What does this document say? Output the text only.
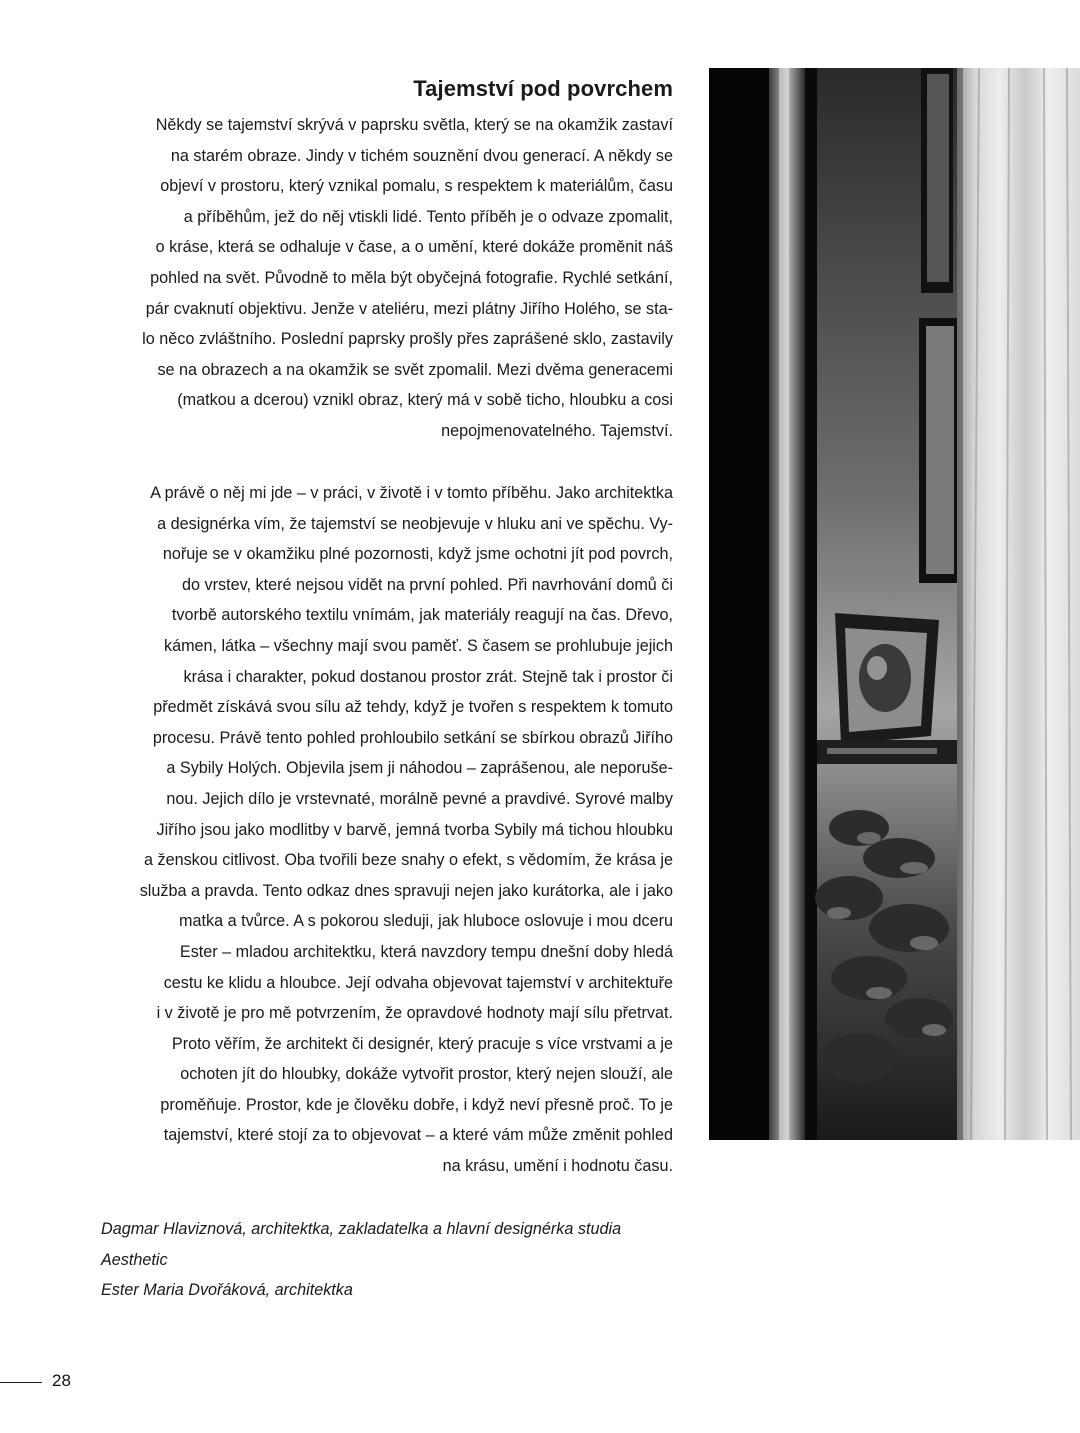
Tajemství pod povrchem
Někdy se tajemství skrývá v paprsku světla, který se na okamžik zastaví
na starém obraze. Jindy v tichém souznění dvou generací. A někdy se
objeví v prostoru, který vznikal pomalu, s respektem k materiálům, času
a příběhům, jež do něj vtiskli lidé. Tento příběh je o odvaze zpomalit,
o kráse, která se odhaluje v čase, a o umění, které dokáže proměnit náš
pohled na svět. Původně to měla být obyčejná fotografie. Rychlé setkání,
pár cvaknutí objektivu. Jenže v ateliéru, mezi plátny Jiřího Holého, se sta-
lo něco zvláštního. Poslední paprsky prošly přes zaprášené sklo, zastavily
se na obrazech a na okamžik se svět zpomalil. Mezi dvěma generacemi
(matkou a dcerou) vznikl obraz, který má v sobě ticho, hloubku a cosi
nepojmenovatelného. Tajemství.
A právě o něj mi jde – v práci, v životě i v tomto příběhu. Jako architektka
a designérka vím, že tajemství se neobjevuje v hluku ani ve spěchu. Vy-
nořuje se v okamžiku plné pozornosti, když jsme ochotni jít pod povrch,
do vrstev, které nejsou vidět na první pohled. Při navrhování domů či
tvorbě autorského textilu vnímám, jak materiály reagují na čas. Dřevo,
kámen, látka – všechny mají svou paměť. S časem se prohlubuje jejich
krása i charakter, pokud dostanou prostor zrát. Stejně tak i prostor či
předmět získává svou sílu až tehdy, když je tvořen s respektem k tomuto
procesu. Právě tento pohled prohloubilo setkání se sbírkou obrazů Jiřího
a Sybily Holých. Objevila jsem ji náhodou – zaprášenou, ale neporuše-
nou. Jejich dílo je vrstevnaté, morálně pevné a pravdivé. Syrové malby
Jiřího jsou jako modlitby v barvě, jemná tvorba Sybily má tichou hloubku
a ženskou citlivost. Oba tvořili beze snahy o efekt, s vědomím, že krása je
služba a pravda. Tento odkaz dnes spravuji nejen jako kurátorka, ale i jako
matka a tvůrce. A s pokorou sleduji, jak hluboce oslovuje i mou dceru
Ester – mladou architektku, která navzdory tempu dnešní doby hledá
cestu ke klidu a hloubce. Její odvaha objevovat tajemství v architektuře
i v životě je pro mě potvrzením, že opravdové hodnoty mají sílu přetrvat.
Proto věřím, že architekt či designér, který pracuje s více vrstvami a je
ochoten jít do hloubky, dokáže vytvořit prostor, který nejen slouží, ale
proměňuje. Prostor, kde je člověku dobře, i když neví přesně proč. To je
tajemství, které stojí za to objevovat – a které vám může změnit pohled
na krásu, umění i hodnotu času.
Dagmar Hlaviznová, architektka, zakladatelka a hlavní designérka studia
Aesthetic
Ester Maria Dvořáková, architektka
28
